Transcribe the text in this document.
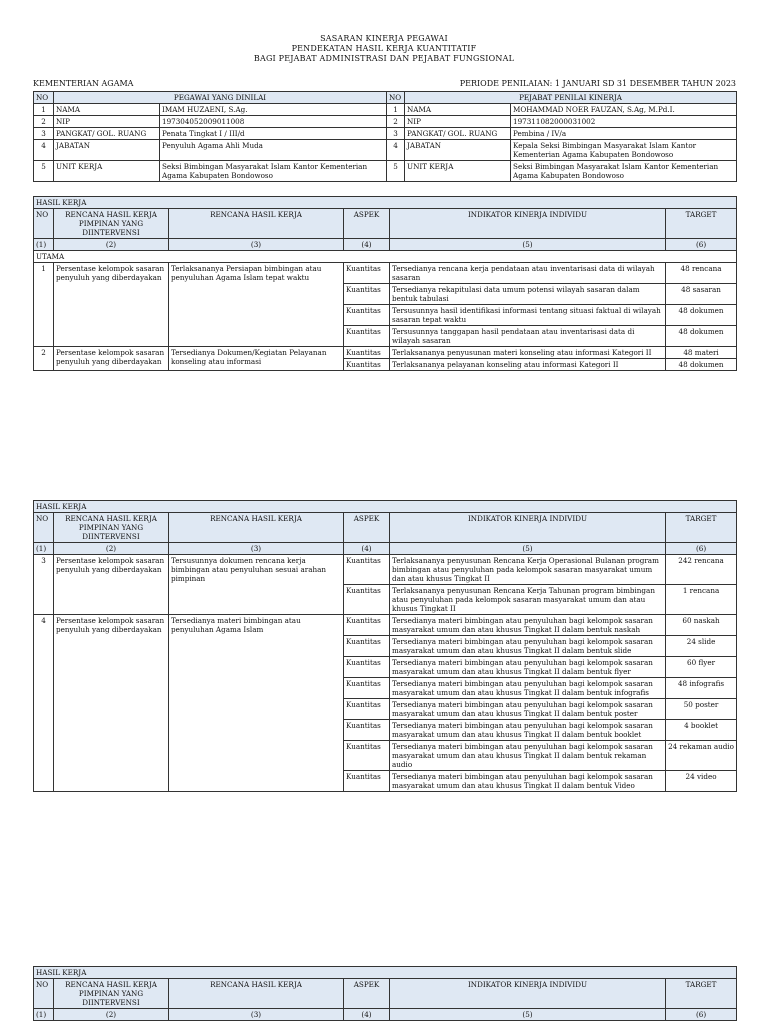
SASARAN KINERJA PEGAWAI
PENDEKATAN HASIL KERJA KUANTITATIF
BAGI PEJABAT ADMINISTRASI DAN PEJABAT FUNGSIONAL
KEMENTERIAN AGAMA	PERIODE PENILAIAN: 1 JANUARI SD 31 DESEMBER TAHUN 2023
NO	PEGAWAI YANG DINILAI		NO	PEJABAT PENILAI KINERJA	
1	NAMA	IMAM HUZAENI, S.Ag.	1	NAMA	MOHAMMAD NOER FAUZAN, S.Ag, M.Pd.I.
2	NIP	197304052009011008	2	NIP	197311082000031002
3	PANGKAT/ GOL. RUANG	Penata Tingkat I / III/d	3	PANGKAT/ GOL. RUANG	Pembina / IV/a
4	JABATAN	Penyuluh Agama Ahli Muda	4	JABATAN	Kepala Seksi Bimbingan Masyarakat Islam Kantor Kementerian Agama Kabupaten Bondowoso
5	UNIT KERJA	Seksi Bimbingan Masyarakat Islam Kantor Kementerian Agama Kabupaten Bondowoso	5	UNIT KERJA	Seksi Bimbingan Masyarakat Islam Kantor Kementerian Agama Kabupaten Bondowoso
HASIL KERJA					
NO	RENCANA HASIL KERJA PIMPINAN YANG DIINTERVENSI	RENCANA HASIL KERJA	ASPEK	INDIKATOR KINERJA INDIVIDU	TARGET
(1)	(2)	(3)	(4)	(5)	(6)
UTAMA					
1	Persentase kelompok sasaran penyuluh yang diberdayakan	Terlaksananya Persiapan bimbingan atau penyuluhan Agama Islam tepat waktu	Kuantitas	Tersedianya rencana kerja pendataan atau inventarisasi data di wilayah sasaran	48 rencana
			Kuantitas	Tersedianya rekapitulasi data umum potensi wilayah sasaran dalam bentuk tabulasi	48 sasaran
			Kuantitas	Tersusunnya hasil identifikasi informasi tentang situasi faktual di wilayah sasaran tepat waktu	48 dokumen
			Kuantitas	Tersusunnya tanggapan hasil pendataan atau inventarisasi data di wilayah sasaran	48 dokumen
2	Persentase kelompok sasaran penyuluh yang diberdayakan	Tersedianya Dokumen/Kegiatan Pelayanan konseling atau informasi	Kuantitas	Terlaksananya penyusunan materi konseling atau informasi Kategori II	48 materi
			Kuantitas	Terlaksananya pelayanan konseling atau informasi Kategori II	48 dokumen
HASIL KERJA					
NO	RENCANA HASIL KERJA PIMPINAN YANG DIINTERVENSI	RENCANA HASIL KERJA	ASPEK	INDIKATOR KINERJA INDIVIDU	TARGET
(1)	(2)	(3)	(4)	(5)	(6)
3	Persentase kelompok sasaran penyuluh yang diberdayakan	Tersusunnya dokumen rencana kerja bimbingan atau penyuluhan sesuai arahan pimpinan	Kuantitas	Terlaksananya penyusunan Rencana Kerja Operasional Bulanan program bimbingan atau penyuluhan pada kelompok sasaran masyarakat umum dan atau khusus Tingkat II	242 rencana
			Kuantitas	Terlaksananya penyusunan Rencana Kerja Tahunan program bimbingan atau penyuluhan pada kelompok sasaran masyarakat umum dan atau khusus Tingkat II	1 rencana
4	Persentase kelompok sasaran penyuluh yang diberdayakan	Tersedianya materi bimbingan atau penyuluhan Agama Islam	Kuantitas	Tersedianya materi bimbingan atau penyuluhan bagi kelompok sasaran masyarakat umum dan atau khusus Tingkat II dalam bentuk naskah	60 naskah
			Kuantitas	Tersedianya materi bimbingan atau penyuluhan bagi kelompok sasaran masyarakat umum dan atau khusus Tingkat II dalam bentuk slide	24 slide
			Kuantitas	Tersedianya materi bimbingan atau penyuluhan bagi kelompok sasaran masyarakat umum dan atau khusus Tingkat II dalam bentuk flyer	60 flyer
			Kuantitas	Tersedianya materi bimbingan atau penyuluhan bagi kelompok sasaran masyarakat umum dan atau khusus Tingkat II dalam bentuk infografis	48 infografis
			Kuantitas	Tersedianya materi bimbingan atau penyuluhan bagi kelompok sasaran masyarakat umum dan atau khusus Tingkat II dalam bentuk poster	50 poster
			Kuantitas	Tersedianya materi bimbingan atau penyuluhan bagi kelompok sasaran masyarakat umum dan atau khusus Tingkat II dalam bentuk booklet	4 booklet
			Kuantitas	Tersedianya materi bimbingan atau penyuluhan bagi kelompok sasaran masyarakat umum dan atau khusus Tingkat II dalam bentuk rekaman audio	24 rekaman audio
			Kuantitas	Tersedianya materi bimbingan atau penyuluhan bagi kelompok sasaran masyarakat umum dan atau khusus Tingkat II dalam bentuk Video	24 video
HASIL KERJA					
NO	RENCANA HASIL KERJA PIMPINAN YANG DIINTERVENSI	RENCANA HASIL KERJA	ASPEK	INDIKATOR KINERJA INDIVIDU	TARGET
(1)	(2)	(3)	(4)	(5)	(6)
